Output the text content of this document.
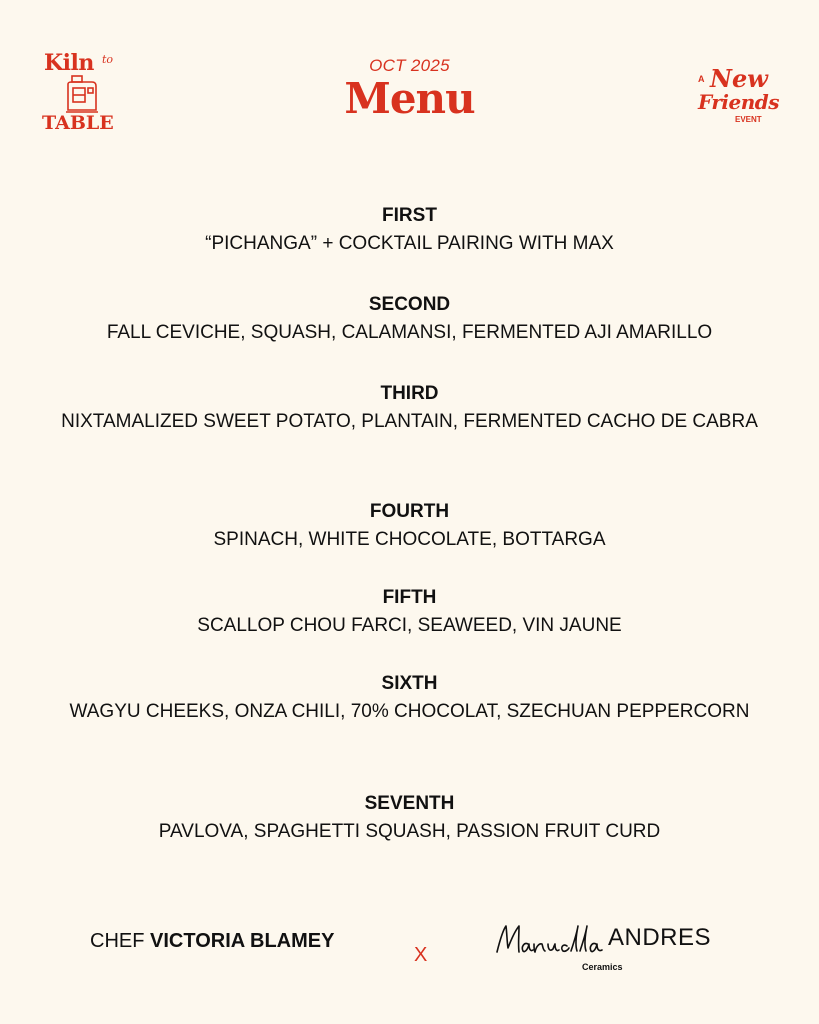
Kiln to
TABLE
OCT 2025
Menu	A New
Friends
EVENT
FIRST
“PICHANGA” + COCKTAIL PAIRING WITH MAX
SECOND
FALL CEVICHE, SQUASH, CALAMANSI, FERMENTED AJI AMARILLO
THIRD
NIXTAMALIZED SWEET POTATO, PLANTAIN, FERMENTED CACHO DE CABRA
FOURTH
SPINACH, WHITE CHOCOLATE, BOTTARGA
FIFTH
SCALLOP CHOU FARCI, SEAWEED, VIN JAUNE
SIXTH
WAGYU CHEEKS, ONZA CHILI, 70% CHOCOLAT, SZECHUAN PEPPERCORN
SEVENTH
PAVLOVA, SPAGHETTI SQUASH, PASSION FRUIT CURD
CHEF VICTORIA BLAMEY
X
ANDRES
Ceramics
